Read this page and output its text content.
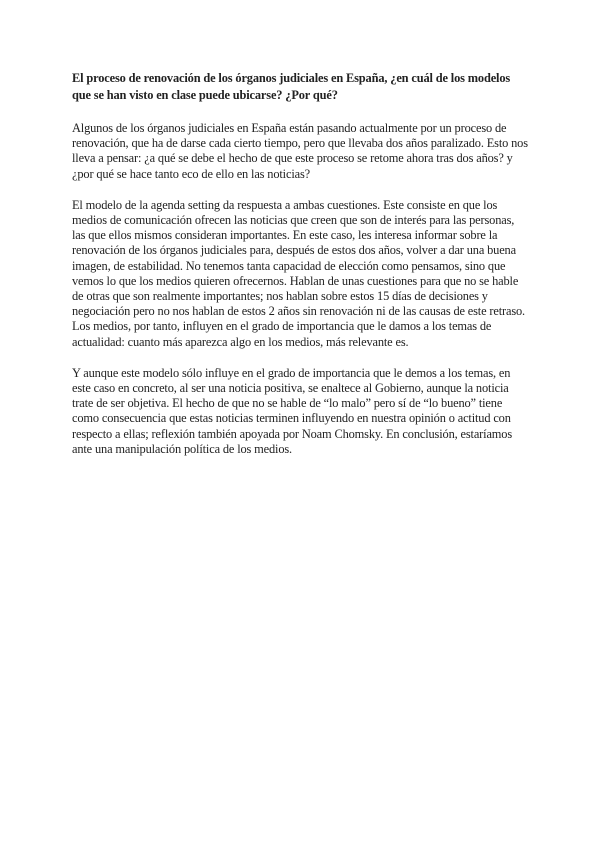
El proceso de renovación de los órganos judiciales en España, ¿en cuál de los modelos que se han visto en clase puede ubicarse? ¿Por qué?

Algunos de los órganos judiciales en España están pasando actualmente por un proceso de renovación, que ha de darse cada cierto tiempo, pero que llevaba dos años paralizado. Esto nos lleva a pensar: ¿a qué se debe el hecho de que este proceso se retome ahora tras dos años? y ¿por qué se hace tanto eco de ello en las noticias?

El modelo de la agenda setting da respuesta a ambas cuestiones. Este consiste en que los medios de comunicación ofrecen las noticias que creen que son de interés para las personas, las que ellos mismos consideran importantes. En este caso, les interesa informar sobre la renovación de los órganos judiciales para, después de estos dos años, volver a dar una buena imagen, de estabilidad. No tenemos tanta capacidad de elección como pensamos, sino que vemos lo que los medios quieren ofrecernos. Hablan de unas cuestiones para que no se hable de otras que son realmente importantes; nos hablan sobre estos 15 días de decisiones y negociación pero no nos hablan de estos 2 años sin renovación ni de las causas de este retraso. Los medios, por tanto, influyen en el grado de importancia que le damos a los temas de actualidad: cuanto más aparezca algo en los medios, más relevante es.

Y aunque este modelo sólo influye en el grado de importancia que le demos a los temas, en este caso en concreto, al ser una noticia positiva, se enaltece al Gobierno, aunque la noticia trate de ser objetiva. El hecho de que no se hable de “lo malo” pero sí de “lo bueno” tiene como consecuencia que estas noticias terminen influyendo en nuestra opinión o actitud con respecto a ellas; reflexión también apoyada por Noam Chomsky. En conclusión, estaríamos ante una manipulación política de los medios.
